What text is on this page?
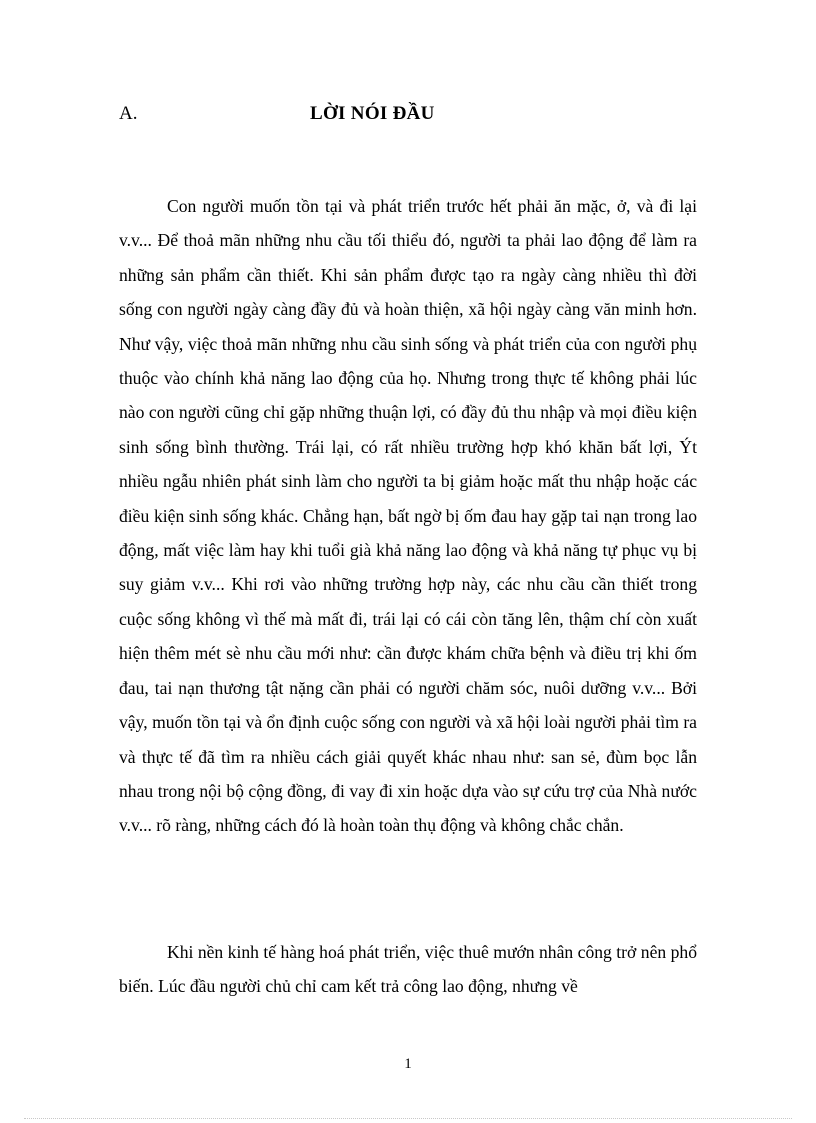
A.	LỜI NÓI ĐẦU

Con người muốn tồn tại và phát triển trước hết phải ăn mặc, ở, và đi lại v.v... Để thoả mãn những nhu cầu tối thiểu đó, người ta phải lao động để làm ra những sản phẩm cần thiết. Khi sản phẩm được tạo ra ngày càng nhiều thì đời sống con người ngày càng đầy đủ và hoàn thiện, xã hội ngày càng văn minh hơn. Như vậy, việc thoả mãn những nhu cầu sinh sống và phát triển của con người phụ thuộc vào chính khả năng lao động của họ. Nhưng trong thực tế không phải lúc nào con người cũng chỉ gặp những thuận lợi, có đầy đủ thu nhập và mọi điều kiện sinh sống bình thường. Trái lại, có rất nhiều trường hợp khó khăn bất lợi, Ýt nhiều ngẫu nhiên phát sinh làm cho người ta bị giảm hoặc mất thu nhập hoặc các điều kiện sinh sống khác. Chẳng hạn, bất ngờ bị ốm đau hay gặp tai nạn trong lao động, mất việc làm hay khi tuổi già khả năng lao động và khả năng tự phục vụ bị suy giảm v.v... Khi rơi vào những trường hợp này, các nhu cầu cần thiết trong cuộc sống không vì thế mà mất đi, trái lại có cái còn tăng lên, thậm chí còn xuất hiện thêm mét sè nhu cầu mới như: cần được khám chữa bệnh và điều trị khi ốm đau, tai nạn thương tật nặng cần phải có người chăm sóc, nuôi dưỡng v.v... Bởi vậy, muốn tồn tại và ổn định cuộc sống con người và xã hội loài người phải tìm ra và thực tế đã tìm ra nhiều cách giải quyết khác nhau như: san sẻ, đùm bọc lẫn nhau trong nội bộ cộng đồng, đi vay đi xin hoặc dựa vào sự cứu trợ của Nhà nước v.v... rõ ràng, những cách đó là hoàn toàn thụ động và không chắc chắn.

Khi nền kinh tế hàng hoá phát triển, việc thuê mướn nhân công trở nên phổ biến. Lúc đầu người chủ chỉ cam kết trả công lao động, nhưng về

1
